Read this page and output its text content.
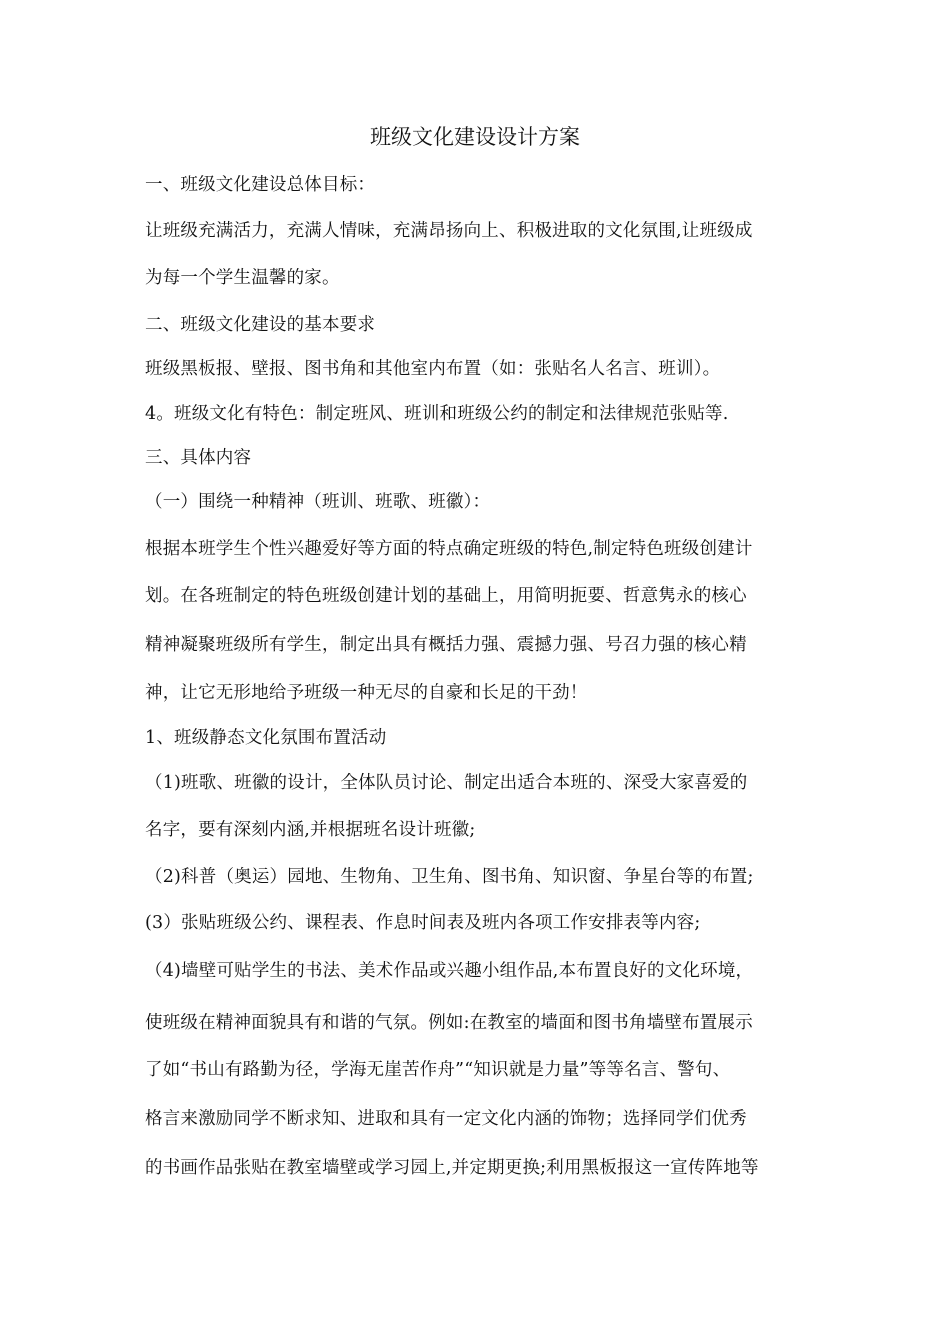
班级文化建设设计方案
一、班级文化建设总体目标：
让班级充满活力，充满人情味，充满昂扬向上、积极进取的文化氛围,让班级成
为每一个学生温馨的家。
二、班级文化建设的基本要求
班级黑板报、壁报、图书角和其他室内布置（如：张贴名人名言、班训）。
4。班级文化有特色：制定班风、班训和班级公约的制定和法律规范张贴等.
三、具体内容
（一）围绕一种精神（班训、班歌、班徽）：
根据本班学生个性兴趣爱好等方面的特点确定班级的特色,制定特色班级创建计
划。在各班制定的特色班级创建计划的基础上，用简明扼要、哲意隽永的核心
精神凝聚班级所有学生，制定出具有概括力强、震撼力强、号召力强的核心精
神，让它无形地给予班级一种无尽的自豪和长足的干劲！
1、班级静态文化氛围布置活动
（1)班歌、班徽的设计，全体队员讨论、制定出适合本班的、深受大家喜爱的
名字，要有深刻内涵,并根据班名设计班徽;
（2)科普（奥运）园地、生物角、卫生角、图书角、知识窗、争星台等的布置;
(3）张贴班级公约、课程表、作息时间表及班内各项工作安排表等内容;
（4)墙壁可贴学生的书法、美术作品或兴趣小组作品,本布置良好的文化环境，
使班级在精神面貌具有和谐的气氛。例如:在教室的墙面和图书角墙壁布置展示
了如“书山有路勤为径，学海无崖苦作舟”“知识就是力量”等等名言、警句、
格言来激励同学不断求知、进取和具有一定文化内涵的饰物；选择同学们优秀
的书画作品张贴在教室墙壁或学习园上,并定期更换;利用黑板报这一宣传阵地等
